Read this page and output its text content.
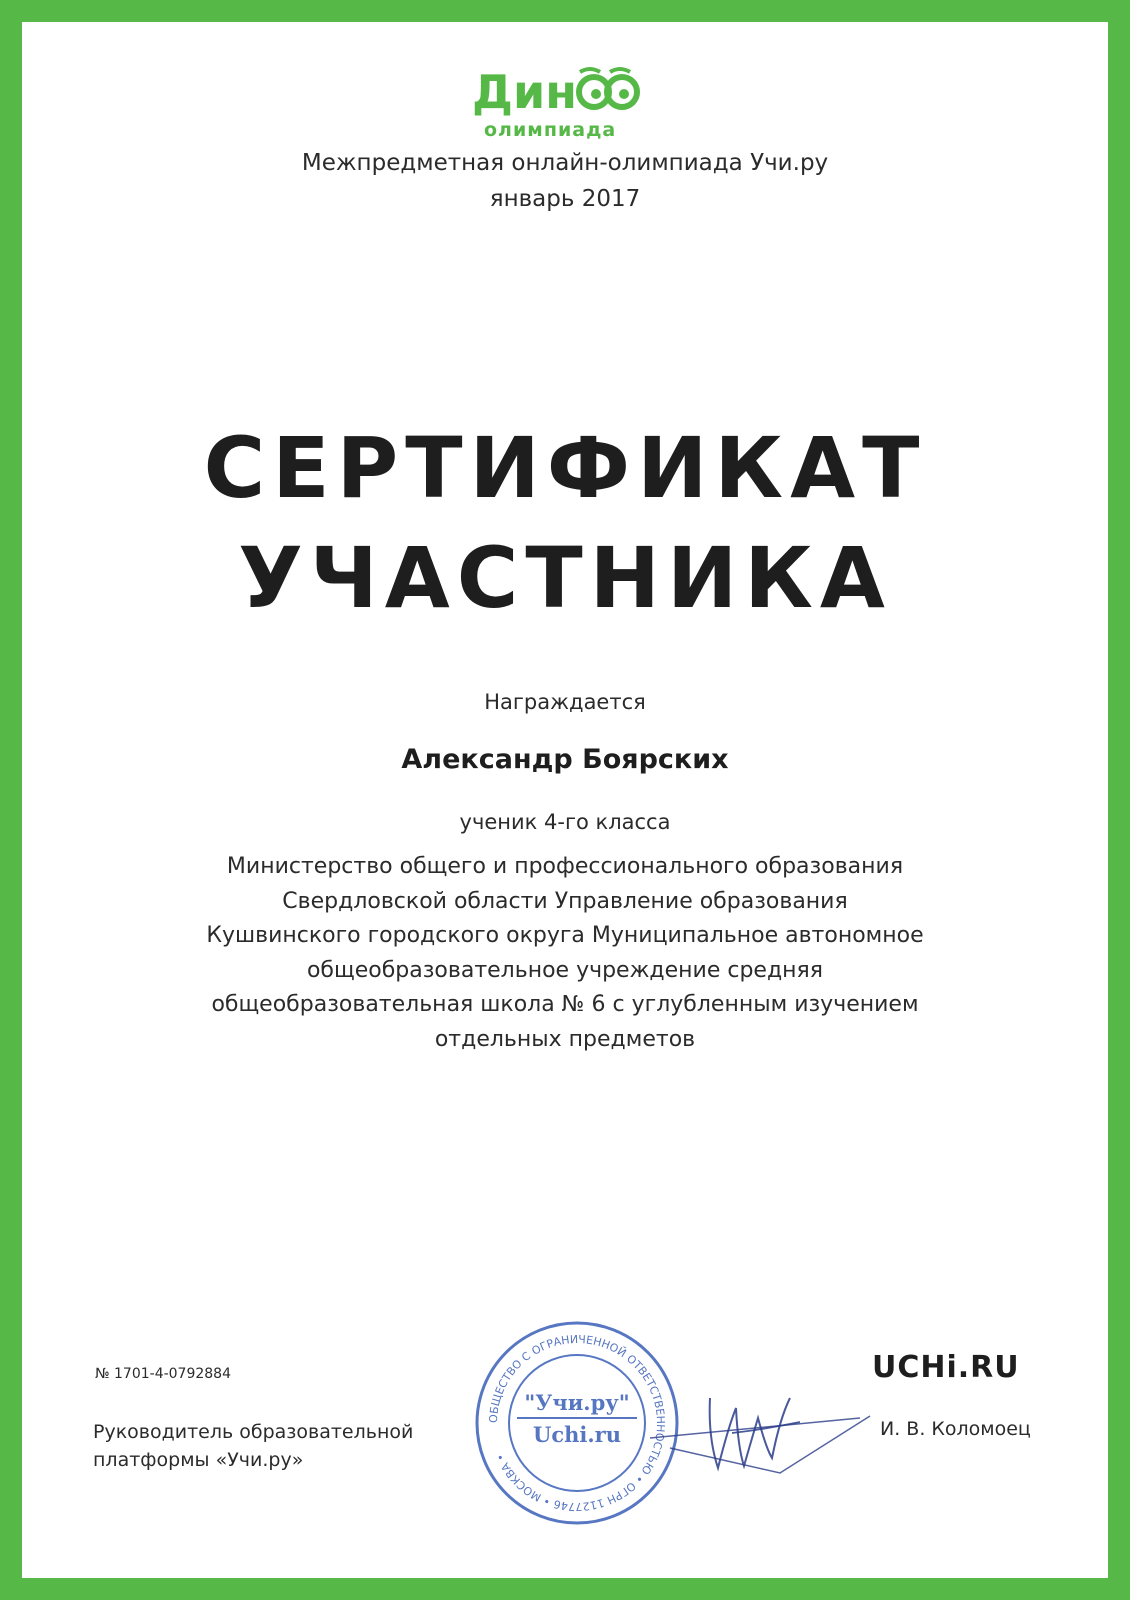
Дин
олимпиада
Межпредметная онлайн-олимпиада Учи.ру
январь 2017
СЕРТИФИКАТ
УЧАСТНИКА
Награждается
Александр Боярских
ученик 4-го класса
Министерство общего и профессионального образования
Свердловской области Управление образования
Кушвинского городского округа Муниципальное автономное
общеобразовательное учреждение средняя
общеобразовательная школа № 6 с углубленным изучением
отдельных предметов
№ 1701-4-0792884
Руководитель образовательной
платформы «Учи.ру»
UCHi.RU
ОБЩЕСТВО С ОГРАНИЧЕННОЙ ОТВЕТСТВЕННОСТЬЮ • ОГРН 1127746 • МОСКВА •
"Учи.ру"
Uchi.ru	И. В. Коломоец
